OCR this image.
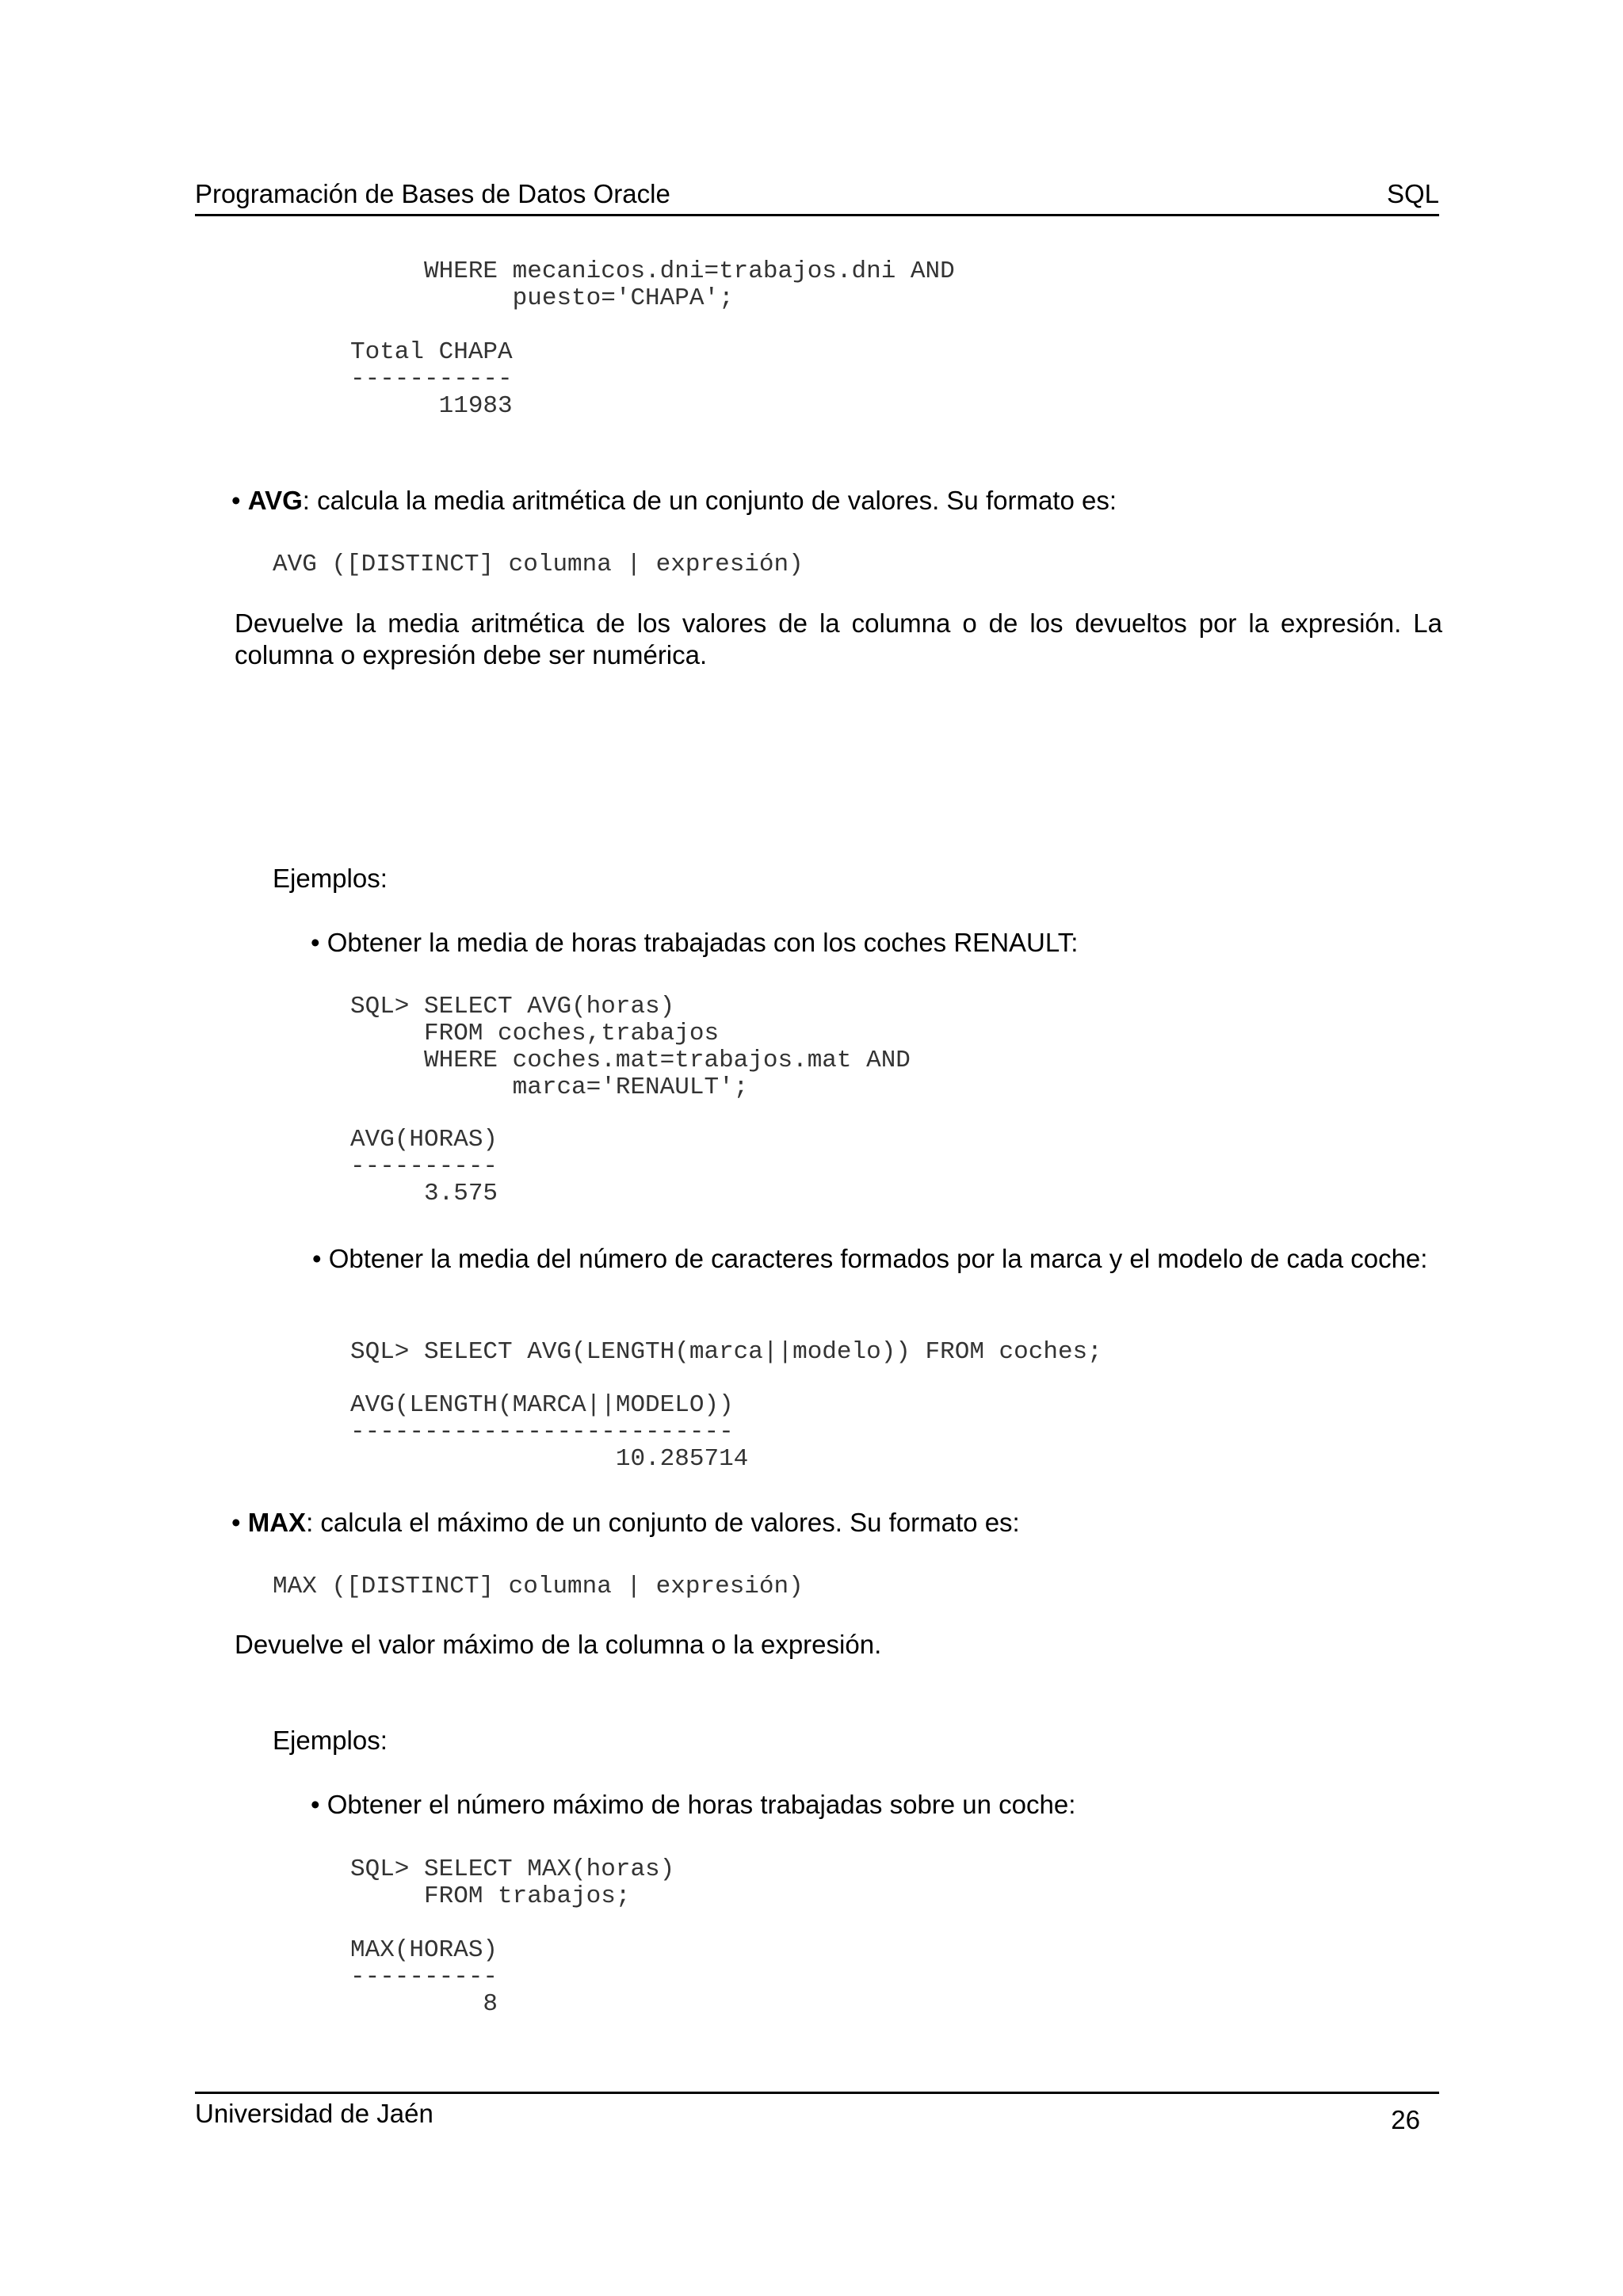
Programación de Bases de Datos Oracle	SQL
WHERE mecanicos.dni=trabajos.dni AND
puesto='CHAPA';
Total CHAPA
-----------
11983
• AVG: calcula la media aritmética de un conjunto de valores. Su formato es:
AVG ([DISTINCT] columna | expresión)
Devuelve la media aritmética de los valores de la columna o de los devueltos por la expresión. La columna o expresión debe ser numérica.
Ejemplos:
• Obtener la media de horas trabajadas con los coches RENAULT:
SQL> SELECT AVG(horas)
FROM coches,trabajos
WHERE coches.mat=trabajos.mat AND
marca='RENAULT';
AVG(HORAS)
----------
3.575
• Obtener la media del número de caracteres formados por la marca y el modelo de cada coche:
SQL> SELECT AVG(LENGTH(marca||modelo)) FROM coches;
AVG(LENGTH(MARCA||MODELO))
--------------------------
10.285714
• MAX: calcula el máximo de un conjunto de valores. Su formato es:
MAX ([DISTINCT] columna | expresión)
Devuelve el valor máximo de la columna o la expresión.
Ejemplos:
• Obtener el número máximo de horas trabajadas sobre un coche:
SQL> SELECT MAX(horas)
FROM trabajos;
MAX(HORAS)
----------
8
Universidad de Jaén	26
